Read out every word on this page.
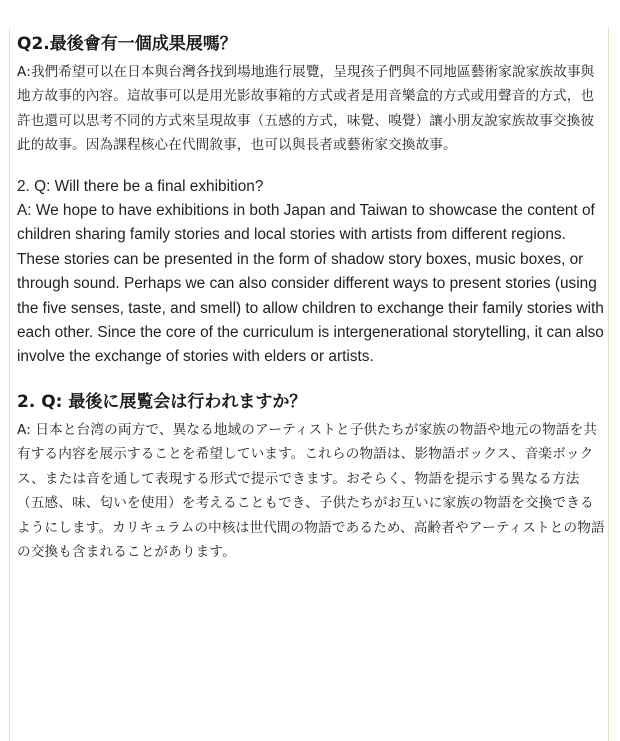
Q2.最後會有一個成果展嗎？

A:我們希望可以在日本與台灣各找到場地進行展覽，呈現孩子們與不同地區藝術家說家族故事與地方故事的內容。這故事可以是用光影故事箱的方式或者是用音樂盒的方式或用聲音的方式，也許也還可以思考不同的方式來呈現故事（五感的方式，味覺、嗅覺）讓小朋友說家族故事交換彼此的故事。因為課程核心在代間敘事，也可以與長者或藝術家交換故事。

2. Q: Will there be a final exhibition?

A: We hope to have exhibitions in both Japan and Taiwan to showcase the content of children sharing family stories and local stories with artists from different regions. These stories can be presented in the form of shadow story boxes, music boxes, or through sound. Perhaps we can also consider different ways to present stories (using the five senses, taste, and smell) to allow children to exchange their family stories with each other. Since the core of the curriculum is intergenerational storytelling, it can also involve the exchange of stories with elders or artists.

2. Q: 最後に展覧会は行われますか？

A: 日本と台湾の両方で、異なる地域のアーティストと子供たちが家族の物語や地元の物語を共有する内容を展示することを希望しています。これらの物語は、影物語ボックス、音楽ボックス、または音を通して表現する形式で提示できます。おそらく、物語を提示する異なる方法（五感、味、匂いを使用）を考えることもでき、子供たちがお互いに家族の物語を交換できるようにします。カリキュラムの中核は世代間の物語であるため、高齢者やアーティストとの物語の交換も含まれることがあります。
